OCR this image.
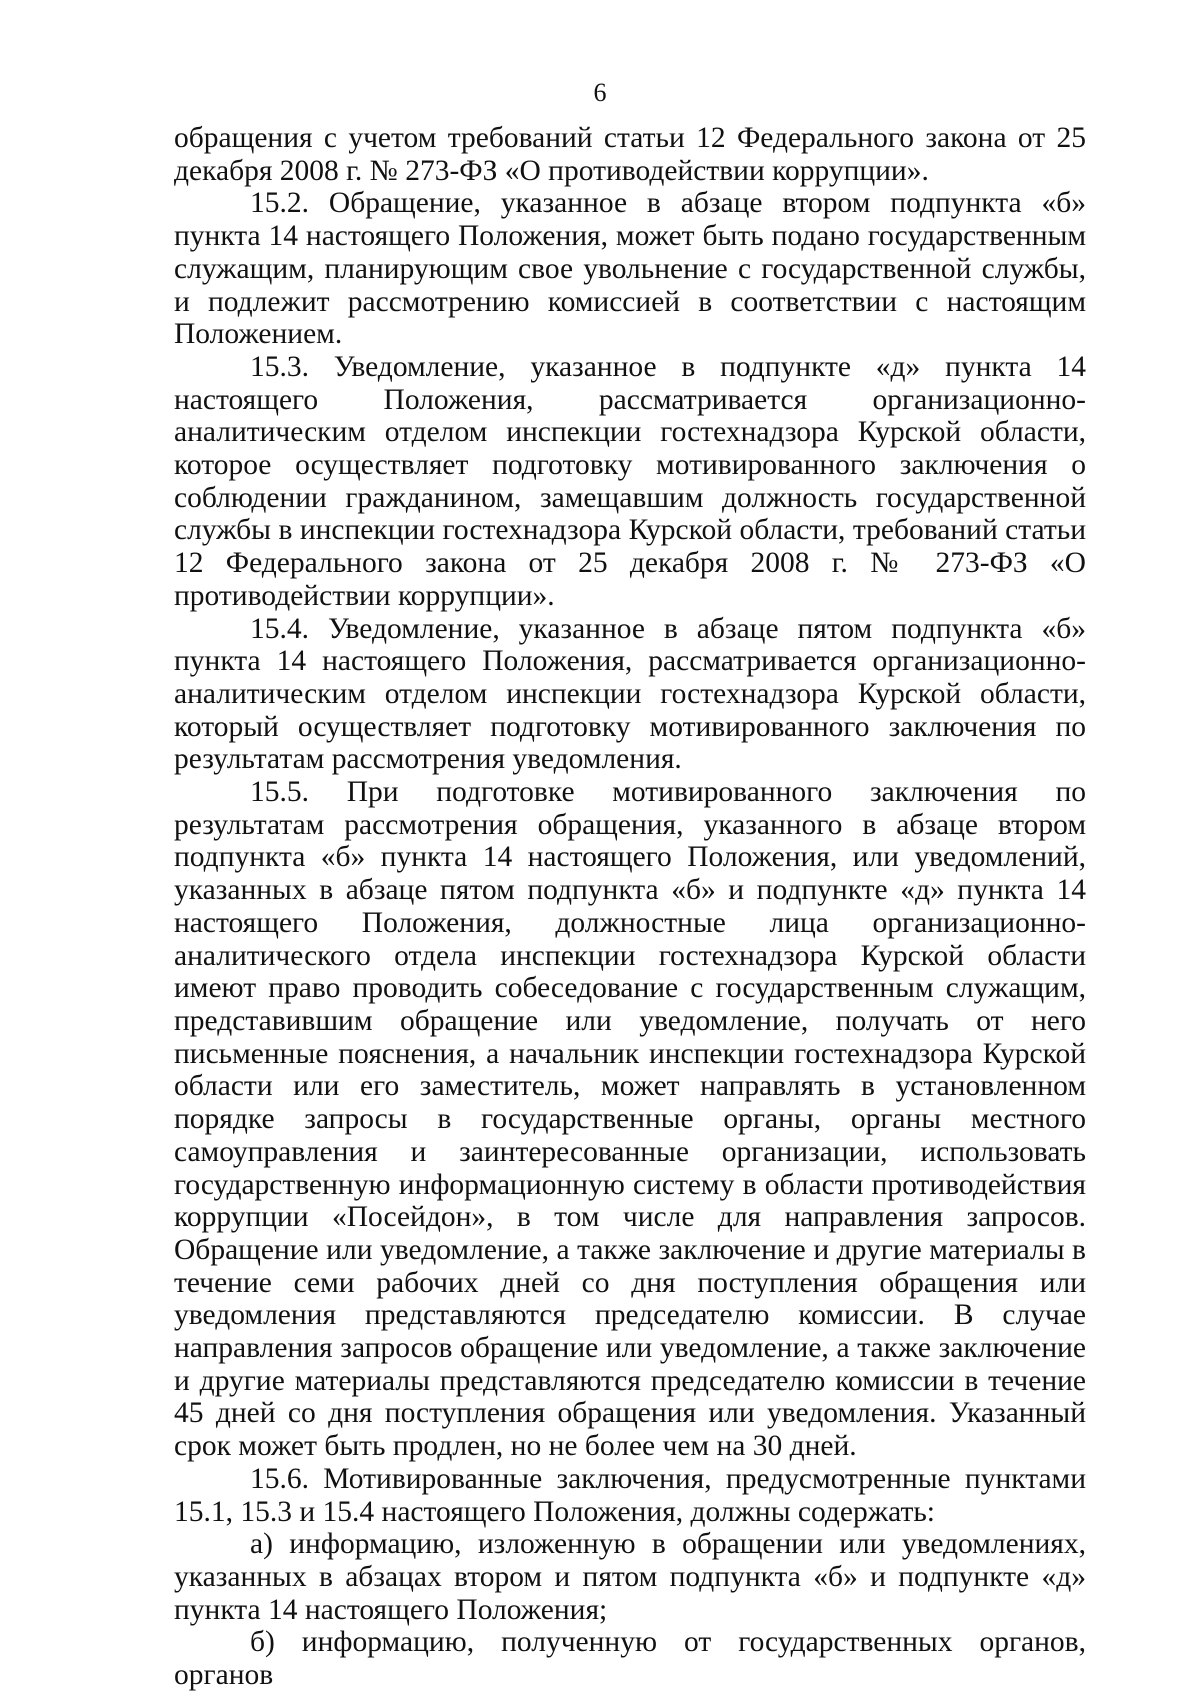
6

обращения с учетом требований статьи 12 Федерального закона от 25 декабря 2008 г. № 273-ФЗ «О противодействии коррупции».

15.2. Обращение, указанное в абзаце втором подпункта «б» пункта 14 настоящего Положения, может быть подано государственным служащим, планирующим свое увольнение с государственной службы, и подлежит рассмотрению комиссией в соответствии с настоящим Положением.

15.3. Уведомление, указанное в подпункте «д» пункта 14 настоящего Положения, рассматривается организационно-аналитическим отделом инспекции гостехнадзора Курской области, которое осуществляет подготовку мотивированного заключения о соблюдении гражданином, замещавшим должность государственной службы в инспекции гостехнадзора Курской области, требований статьи 12 Федерального закона от 25 декабря 2008 г. № 273-ФЗ «О противодействии коррупции».

15.4. Уведомление, указанное в абзаце пятом подпункта «б» пункта 14 настоящего Положения, рассматривается организационно-аналитическим отделом инспекции гостехнадзора Курской области, который осуществляет подготовку мотивированного заключения по результатам рассмотрения уведомления.

15.5. При подготовке мотивированного заключения по результатам рассмотрения обращения, указанного в абзаце втором подпункта «б» пункта 14 настоящего Положения, или уведомлений, указанных в абзаце пятом подпункта «б» и подпункте «д» пункта 14 настоящего Положения, должностные лица организационно-аналитического отдела инспекции гостехнадзора Курской области имеют право проводить собеседование с государственным служащим, представившим обращение или уведомление, получать от него письменные пояснения, а начальник инспекции гостехнадзора Курской области или его заместитель, может направлять в установленном порядке запросы в государственные органы, органы местного самоуправления и заинтересованные организации, использовать государственную информационную систему в области противодействия коррупции «Посейдон», в том числе для направления запросов. Обращение или уведомление, а также заключение и другие материалы в течение семи рабочих дней со дня поступления обращения или уведомления представляются председателю комиссии. В случае направления запросов обращение или уведомление, а также заключение и другие материалы представляются председателю комиссии в течение 45 дней со дня поступления обращения или уведомления. Указанный срок может быть продлен, но не более чем на 30 дней.

15.6. Мотивированные заключения, предусмотренные пунктами 15.1, 15.3 и 15.4 настоящего Положения, должны содержать:

а) информацию, изложенную в обращении или уведомлениях, указанных в абзацах втором и пятом подпункта «б» и подпункте «д» пункта 14 настоящего Положения;

б) информацию, полученную от государственных органов, органов
